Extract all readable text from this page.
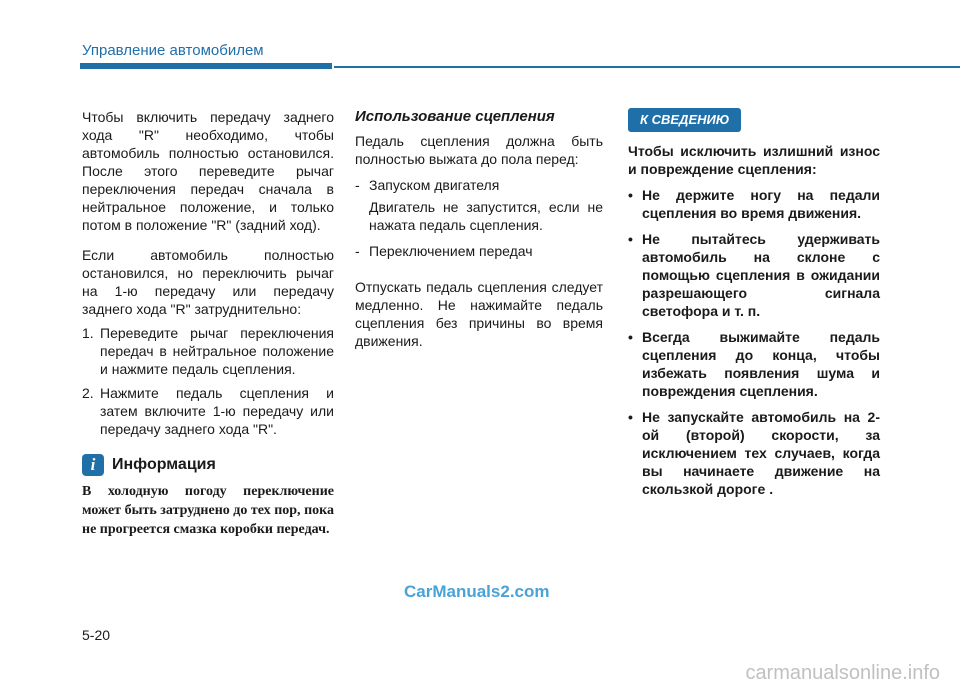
Управление автомобилем

Чтобы включить передачу заднего хода "R" необходимо, чтобы автомобиль полностью остановился. После этого переведите рычаг переключения передач сначала в нейтральное положение, и только потом в положение "R" (задний ход).

Если автомобиль полностью остановился, но переключить рычаг на 1-ю передачу или передачу заднего хода "R" затруднительно:

1. Переведите рычаг переключения передач в нейтральное положение и нажмите педаль сцепления.
2. Нажмите педаль сцепления и затем включите 1-ю передачу или передачу заднего хода "R".
i	Информация
В холодную погоду переключение может быть затруднено до тех пор, пока не прогреется смазка коробки передач.
Использование сцепления

Педаль сцепления должна быть полностью выжата до пола перед:

- Запуском двигателя
Двигатель не запустится, если не нажата педаль сцепления.
- Переключением передач

Отпускать педаль сцепления следует медленно. Не нажимайте педаль сцепления без причины во время движения.

К СВЕДЕНИЮ

Чтобы исключить излишний износ и повреждение сцепления:

• Не держите ногу на педали сцепления во время движения.
• Не пытайтесь удерживать автомобиль на склоне с помощью сцепления в ожидании разрешающего сигнала светофора и т. п.
• Всегда выжимайте педаль сцепления до конца, чтобы избежать появления шума и повреждения сцепления.
• Не запускайте автомобиль на 2-ой (второй) скорости, за исключением тех случаев, когда вы начинаете движение на скользкой дороге .
CarManuals2.com
5-20
carmanualsonline.info
